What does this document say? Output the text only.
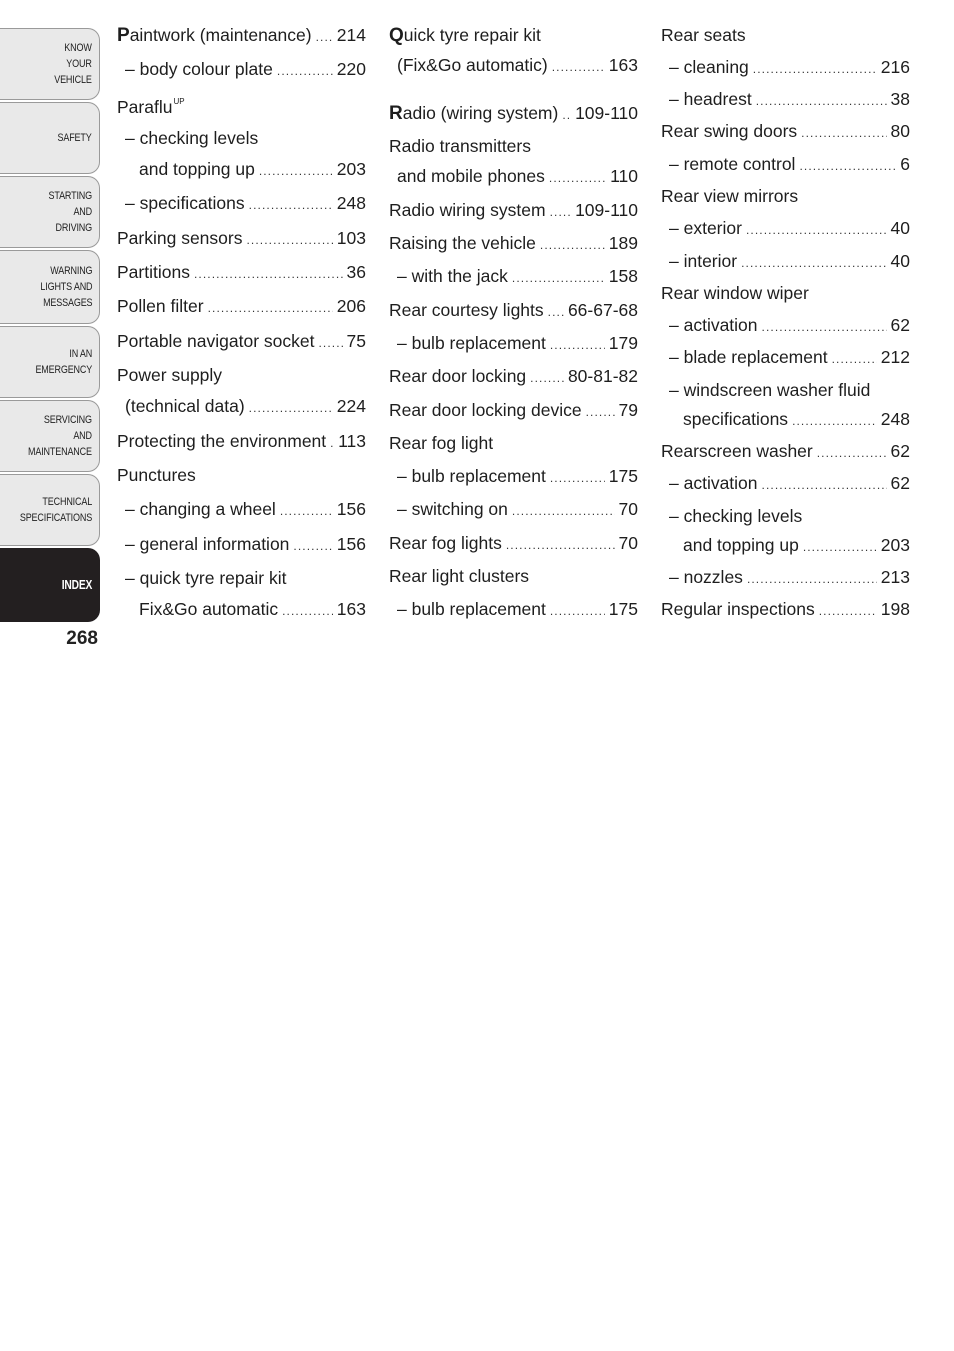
KNOW
YOUR
VEHICLE
SAFETY
STARTING
AND
DRIVING
WARNING
LIGHTS AND
MESSAGES
IN AN
EMERGENCY
SERVICING
AND
MAINTENANCE
TECHNICAL
SPECIFICATIONS
INDEX
268
Paintwork (maintenance) ..... 214
– body colour plate .....	220
Paraflu$^{UP}$
– checking levels
and topping up .....	203
– specifications .....	248
Parking sensors .....	103
Partitions .....	36
Pollen filter .....	206
Portable navigator socket ..... 75
Power supply
(technical data) .....	224
Protecting the environment ..... 113
Punctures
– changing a wheel .....	156
– general information .....	156
– quick tyre repair kit
Fix&Go automatic .....	163
Quick tyre repair kit
(Fix&Go automatic) .....	163
Radio (wiring system) ..... 109-110
Radio transmitters
and mobile phones .....	110
Radio wiring system ..... 109-110
Raising the vehicle .....	189
– with the jack .....	158
Rear courtesy lights ..... 66-67-68
– bulb replacement .....	179
Rear door locking ..... 80-81-82
Rear door locking device ..... 79
Rear fog light
– bulb replacement .....	175
– switching on .....	70
Rear fog lights .....	70
Rear light clusters
– bulb replacement .....	175
Rear seats
– cleaning .....	216
– headrest .....	38
Rear swing doors .....	80
– remote control .....	6
Rear view mirrors
– exterior .....	40
– interior .....	40
Rear window wiper
– activation .....	62
– blade replacement .....	212
– windscreen washer fluid
specifications .....	248
Rearscreen washer .....	62
– activation .....	62
– checking levels
and topping up .....	203
– nozzles .....	213
Regular inspections .....	198
